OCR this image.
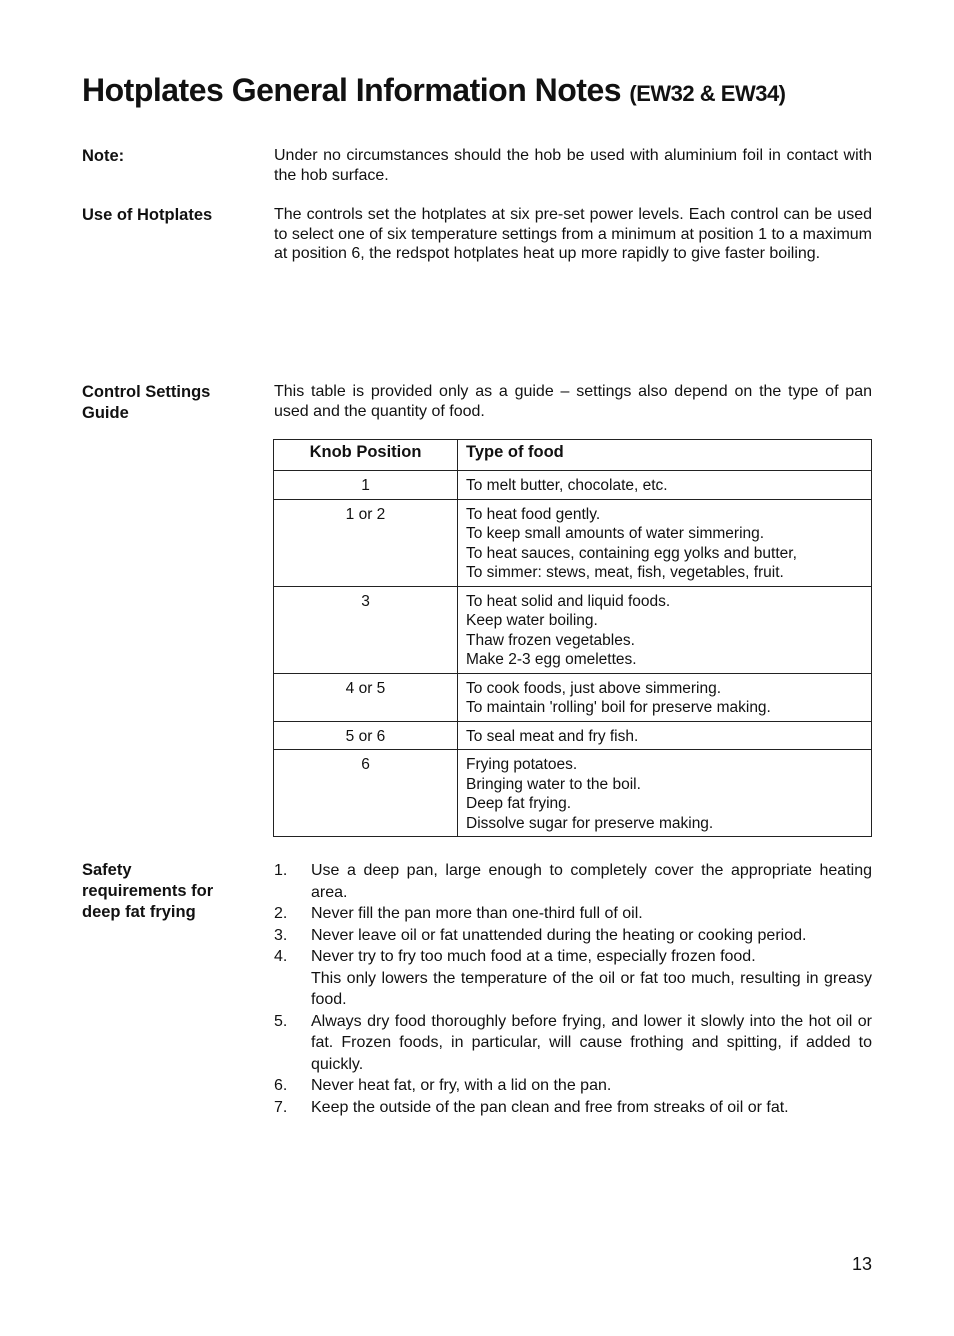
Hotplates General Information Notes (EW32 & EW34)
Note:	Under no circumstances should the hob be used with aluminium foil in contact with the hob surface.
Use of Hotplates	The controls set the hotplates at six pre-set power levels. Each control can be used to select one of six temperature settings from a minimum at position 1 to a maximum at position 6, the redspot hotplates heat up more rapidly to give faster boiling.
Control Settings Guide
This table is provided only as a guide – settings also depend on the type of pan used and the quantity of food.
Knob Position	Type of food
1	To melt butter, chocolate, etc.

1 or 2	To heat food gently.
To keep small amounts of water simmering.
To heat sauces, containing egg yolks and butter,
To simmer: stews, meat, fish, vegetables, fruit.

3	To heat solid and liquid foods.
Keep water boiling.
Thaw frozen vegetables.
Make 2-3 egg omelettes.

4 or 5	To cook foods, just above simmering.
To maintain 'rolling' boil for preserve making.

5 or 6	To seal meat and fry fish.

6	Frying potatoes.
Bringing water to the boil.
Deep fat frying.
Dissolve sugar for preserve making.
Safety requirements for deep fat frying
1. Use a deep pan, large enough to completely cover the appropriate heating area.
2. Never fill the pan more than one-third full of oil.
3. Never leave oil or fat unattended during the heating or cooking period.
4. Never try to fry too much food at a time, especially frozen food.
This only lowers the temperature of the oil or fat too much, resulting in greasy food.
5. Always dry food thoroughly before frying, and lower it slowly into the hot oil or fat. Frozen foods, in particular, will cause frothing and spitting, if added to quickly.
6. Never heat fat, or fry, with a lid on the pan.
7. Keep the outside of the pan clean and free from streaks of oil or fat.
13
